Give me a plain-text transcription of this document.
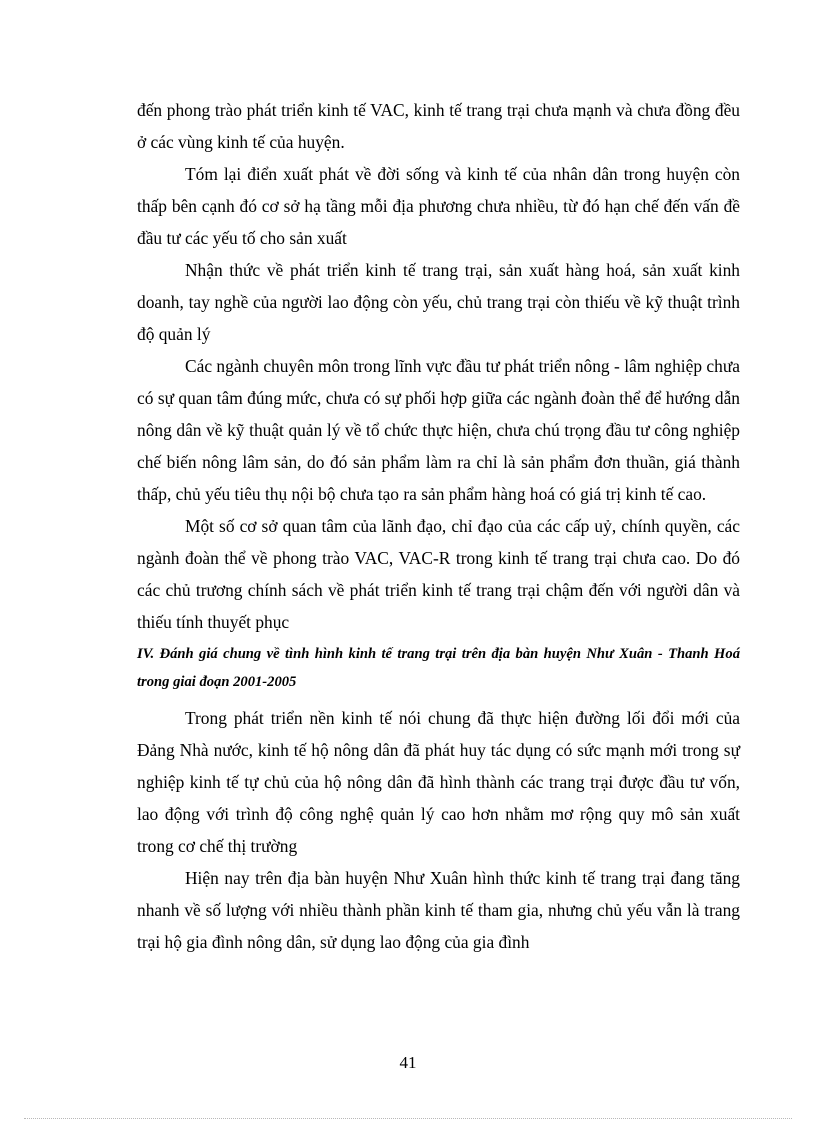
đến phong trào phát triển kinh tế VAC, kinh tế trang trại chưa mạnh và chưa đồng đều ở các vùng kinh tế của huyện.

Tóm lại điển xuất phát về đời sống và kinh tế của nhân dân trong huyện còn thấp bên cạnh đó cơ sở hạ tầng mỗi địa phương chưa nhiều, từ đó hạn chế đến vấn đề đầu tư các yếu tố cho sản xuất

Nhận thức về phát triển kinh tế trang trại, sản xuất hàng hoá, sản xuất kinh doanh, tay nghề của người lao động còn yếu, chủ trang trại còn thiếu về kỹ thuật trình độ quản lý

Các ngành chuyên môn trong lĩnh vực đầu tư phát triển nông - lâm nghiệp chưa có sự quan tâm đúng mức, chưa có sự phối hợp giữa các ngành đoàn thể để hướng dẫn nông dân về kỹ thuật quản lý về tổ chức thực hiện, chưa chú trọng đầu tư công nghiệp chế biến nông lâm sản, do đó sản phẩm làm ra chỉ là sản phẩm đơn thuần, giá thành thấp, chủ yếu tiêu thụ nội bộ chưa tạo ra sản phẩm hàng hoá có giá trị kinh tế cao.

Một số cơ sở quan tâm của lãnh đạo, chỉ đạo của các cấp uỷ, chính quyền, các ngành đoàn thể về phong trào VAC, VAC-R trong kinh tế trang trại chưa cao. Do đó các chủ trương chính sách về phát triển kinh tế trang trại chậm đến với người dân và thiếu tính thuyết phục

IV. Đánh giá chung về tình hình kinh tế trang trại trên địa bàn huyện Như Xuân - Thanh Hoá trong giai đoạn 2001-2005

Trong phát triển nền kinh tế nói chung đã thực hiện đường lối đổi mới của Đảng Nhà nước, kinh tế hộ nông dân đã phát huy tác dụng có sức mạnh mới trong sự nghiệp kinh tế tự chủ của hộ nông dân đã hình thành các trang trại được đầu tư vốn, lao động với trình độ công nghệ quản lý cao hơn nhằm mơ rộng quy mô sản xuất trong cơ chế thị trường

Hiện nay trên địa bàn huyện Như Xuân hình thức kinh tế trang trại đang tăng nhanh về số lượng với nhiều thành phần kinh tế tham gia, nhưng chủ yếu vẫn là trang trại hộ gia đình nông dân, sử dụng lao động của gia đình

41
